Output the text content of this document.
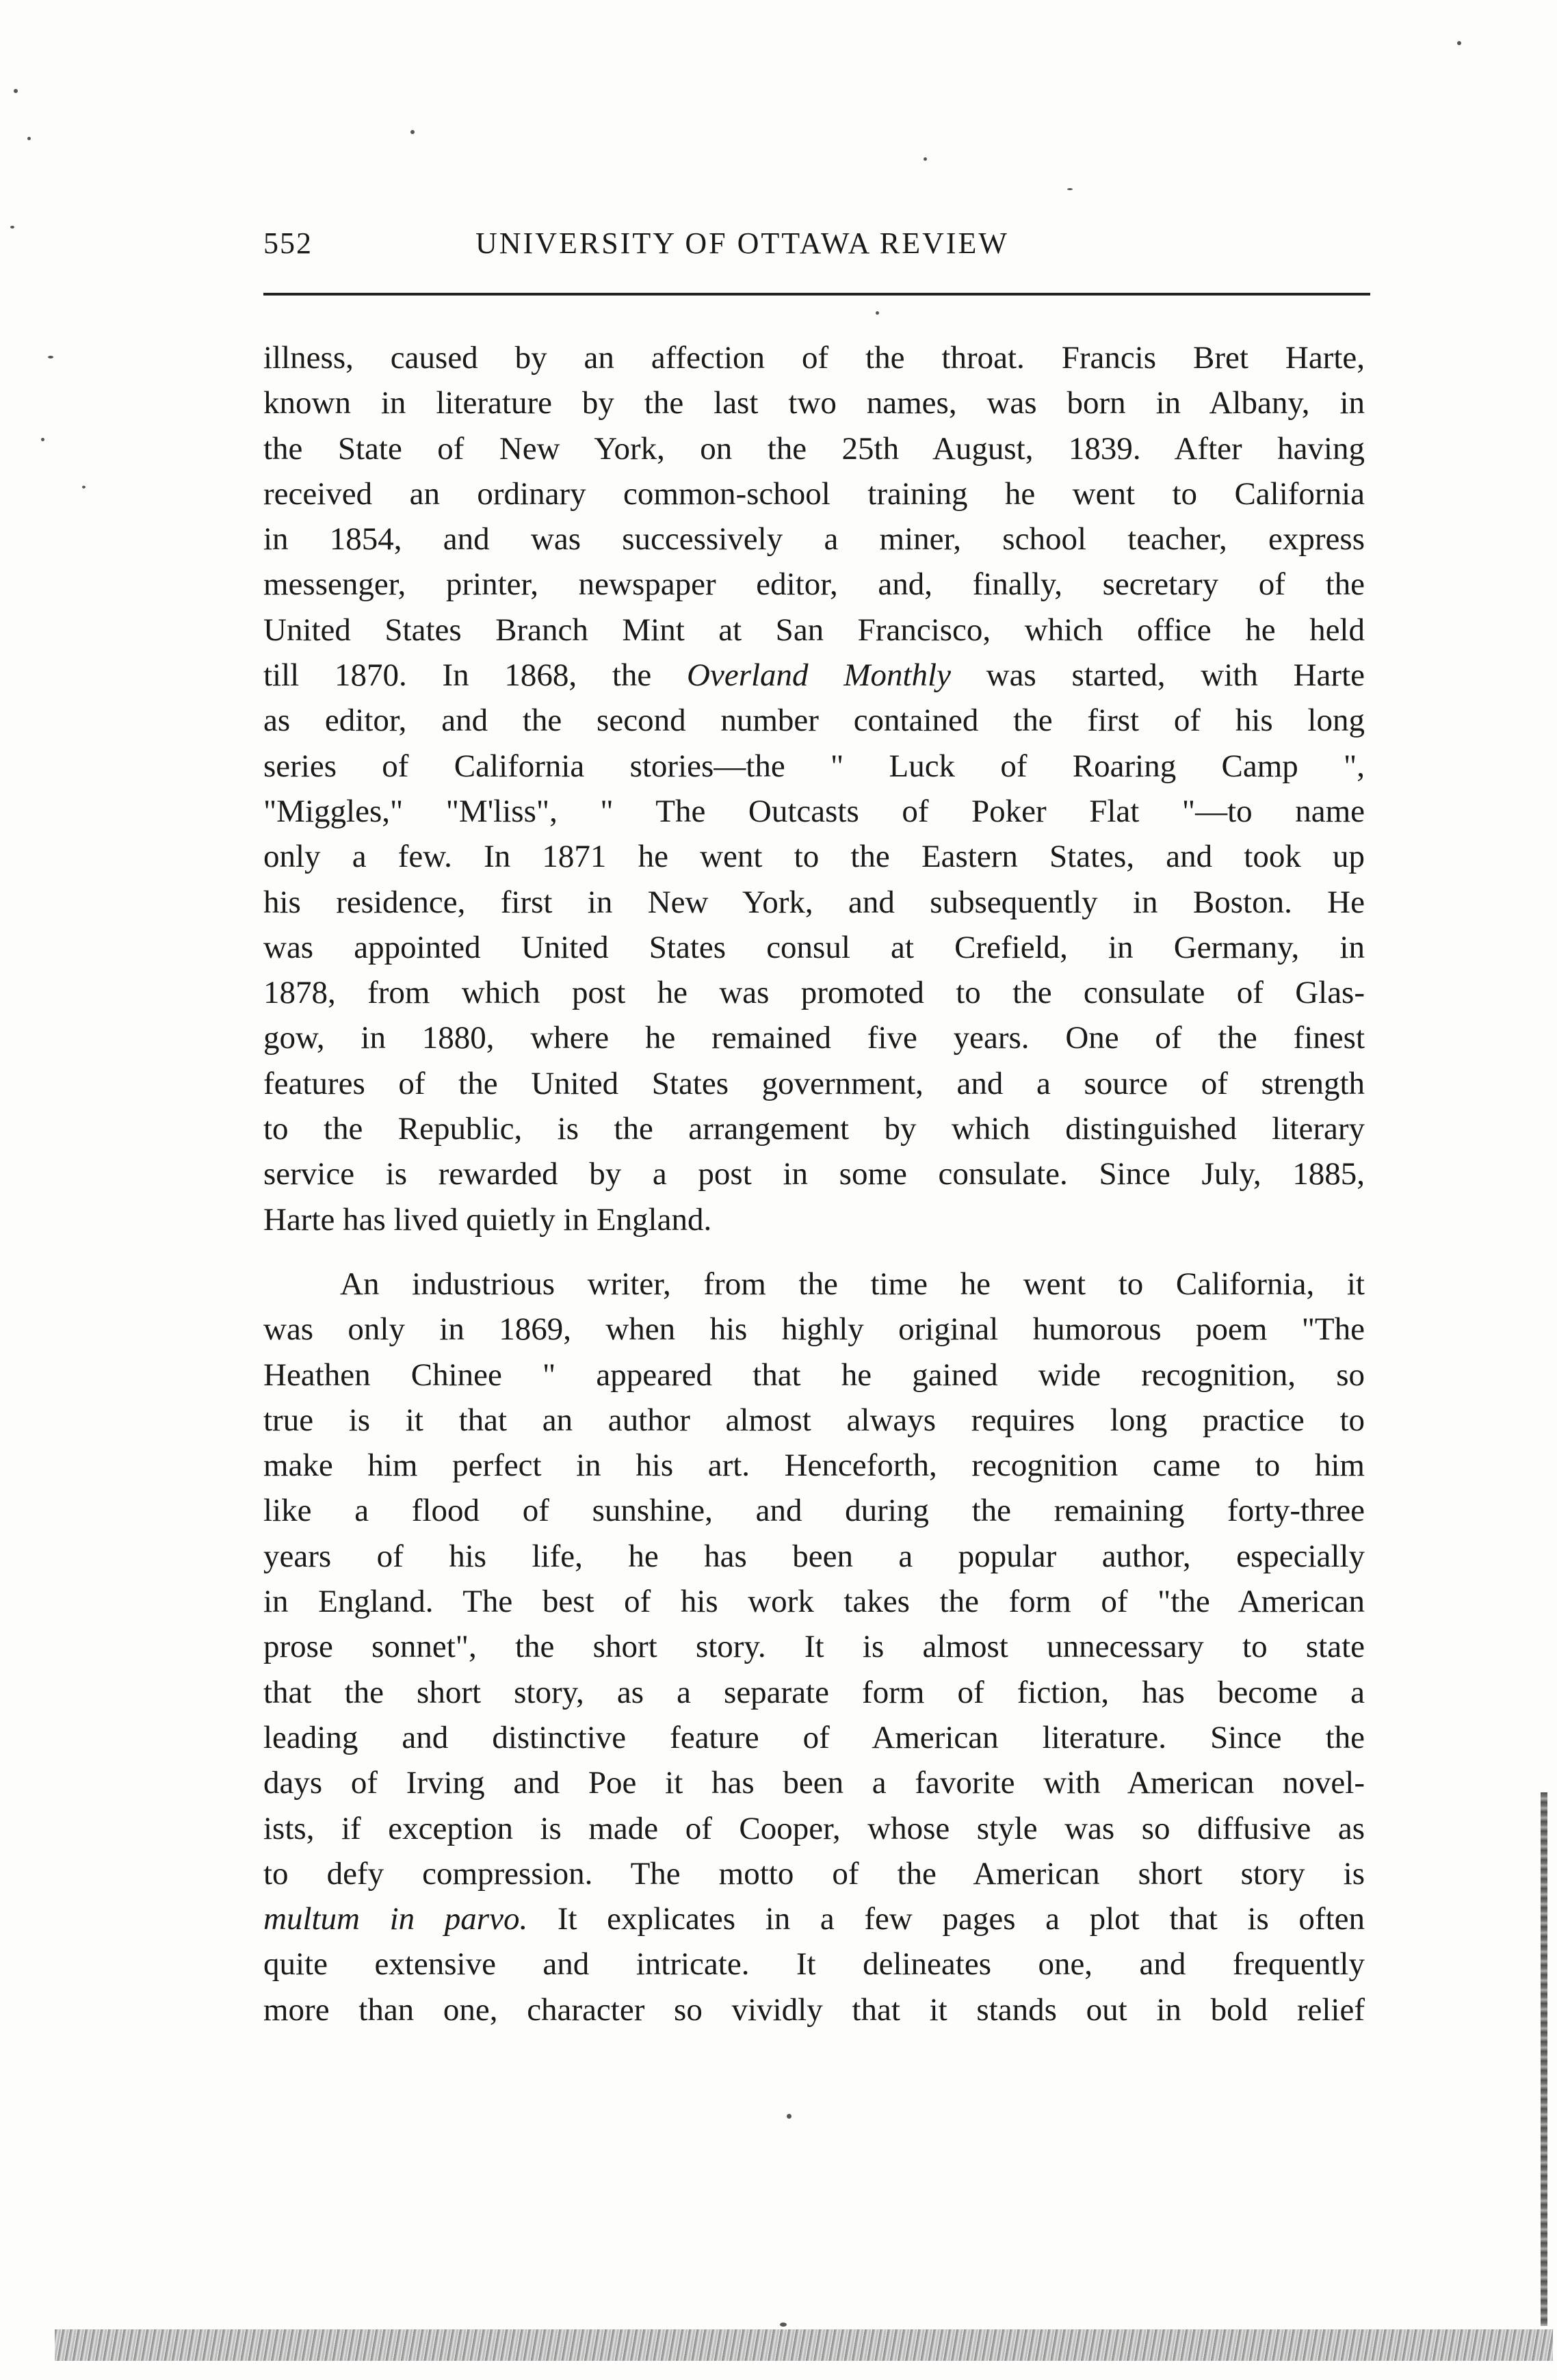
552	UNIVERSITY OF OTTAWA REVIEW
illness, caused by an affection of the throat. Francis Bret Harte,
known in literature by the last two names, was born in Albany, in
the State of New York, on the 25th August, 1839. After having
received an ordinary common-school training he went to California
in 1854, and was successively a miner, school teacher, express
messenger, printer, newspaper editor, and, finally, secretary of the
United States Branch Mint at San Francisco, which office he held
till 1870. In 1868, the Overland Monthly was started, with Harte
as editor, and the second number contained the first of his long
series of California stories—the " Luck of Roaring Camp ",
"Miggles," "M'liss", " The Outcasts of Poker Flat "—to name
only a few. In 1871 he went to the Eastern States, and took up
his residence, first in New York, and subsequently in Boston. He
was appointed United States consul at Crefield, in Germany, in
1878, from which post he was promoted to the consulate of Glas-
gow, in 1880, where he remained five years. One of the finest
features of the United States government, and a source of strength
to the Republic, is the arrangement by which distinguished literary
service is rewarded by a post in some consulate. Since July, 1885,
Harte has lived quietly in England.
An industrious writer, from the time he went to California, it
was only in 1869, when his highly original humorous poem "The
Heathen Chinee " appeared that he gained wide recognition, so
true is it that an author almost always requires long practice to
make him perfect in his art. Henceforth, recognition came to him
like a flood of sunshine, and during the remaining forty-three
years of his life, he has been a popular author, especially
in England. The best of his work takes the form of "the American
prose sonnet", the short story. It is almost unnecessary to state
that the short story, as a separate form of fiction, has become a
leading and distinctive feature of American literature. Since the
days of Irving and Poe it has been a favorite with American novel-
ists, if exception is made of Cooper, whose style was so diffusive as
to defy compression. The motto of the American short story is
multum in parvo. It explicates in a few pages a plot that is often
quite extensive and intricate. It delineates one, and frequently
more than one, character so vividly that it stands out in bold relief
